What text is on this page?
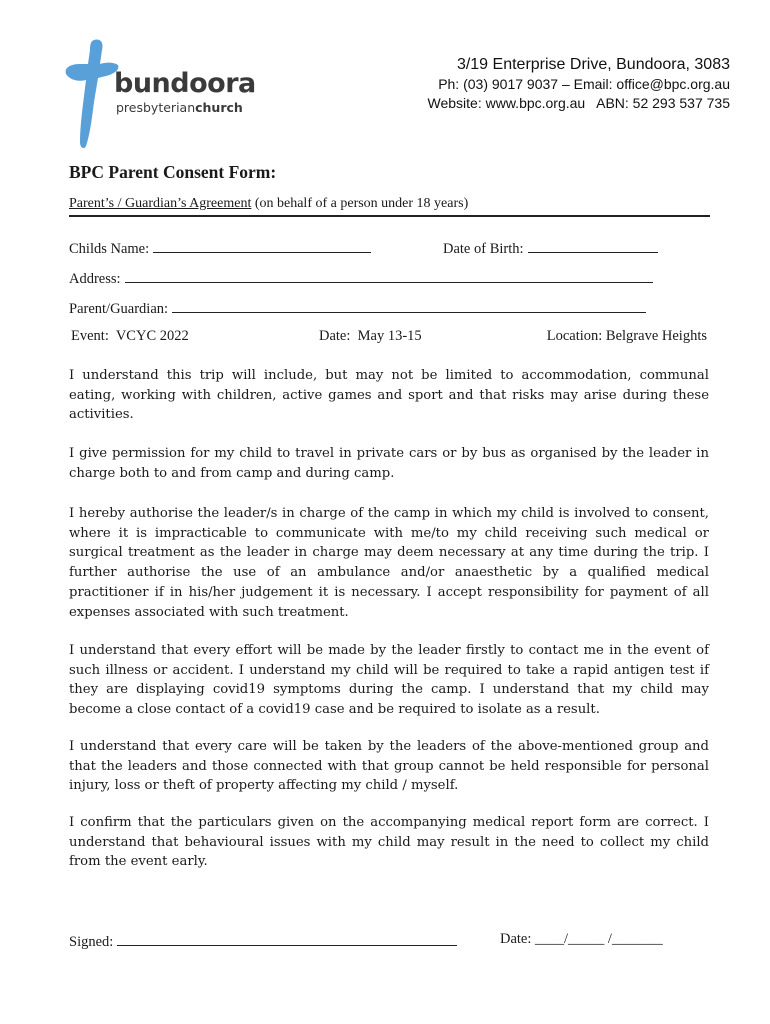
bundoora
presbyterianchurch
3/19 Enterprise Drive, Bundoora, 3083
Ph: (03) 9017 9037 – Email: office@bpc.org.au
Website: www.bpc.org.au   ABN: 52 293 537 735
BPC Parent Consent Form:
Parent’s / Guardian’s Agreement (on behalf of a person under 18 years)
Childs Name:	Date of Birth:
Address:
Parent/Guardian:
Event:  VCYC 2022	Date:  May 13-15	Location: Belgrave Heights

I understand this trip will include, but may not be limited to accommodation, communal eating, working with children, active games and sport and that risks may arise during these activities.

I give permission for my child to travel in private cars or by bus as organised by the leader in charge both to and from camp and during camp.

I hereby authorise the leader/s in charge of the camp in which my child is involved to consent, where it is impracticable to communicate with me/to my child receiving such medical or surgical treatment as the leader in charge may deem necessary at any time during the trip. I further authorise the use of an ambulance and/or anaesthetic by a qualified medical practitioner if in his/her judgement it is necessary. I accept responsibility for payment of all expenses associated with such treatment.

I understand that every effort will be made by the leader firstly to contact me in the event of such illness or accident. I understand my child will be required to take a rapid antigen test if they are displaying covid19 symptoms during the camp. I understand that my child may become a close contact of a covid19 case and be required to isolate as a result.

I understand that every care will be taken by the leaders of the above-mentioned group and that the leaders and those connected with that group cannot be held responsible for personal injury, loss or theft of property affecting my child / myself.

I confirm that the particulars given on the accompanying medical report form are correct. I understand that behavioural issues with my child may result in the need to collect my child from the event early.

Signed:	Date: ____/_____ /_______
